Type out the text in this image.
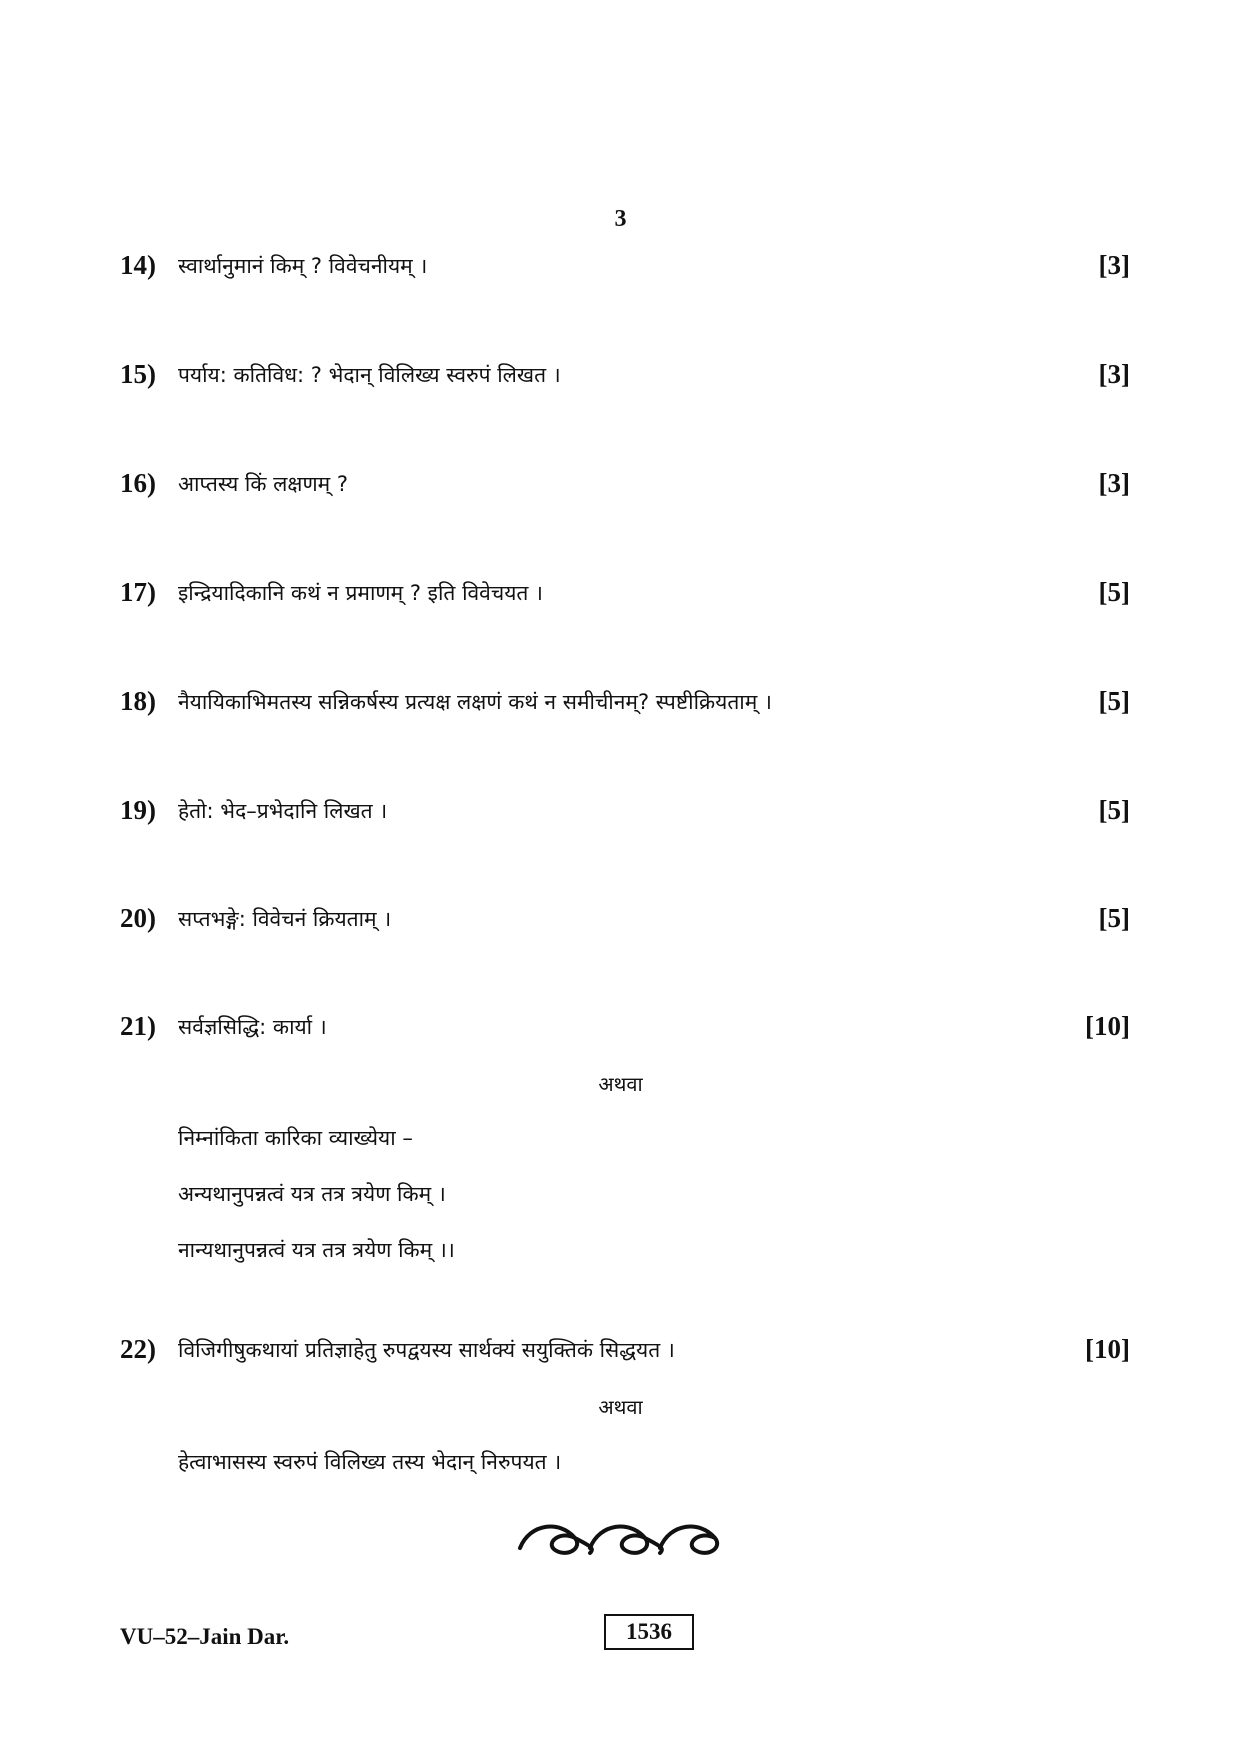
3
14) स्वार्थानुमानं किम् ? विवेचनीयम् ।	[3]
15) पर्याय: कतिविध: ? भेदान् विलिख्य स्वरुपं लिखत ।	[3]
16) आप्तस्य किं लक्षणम् ?	[3]
17) इन्द्रियादिकानि कथं न प्रमाणम् ? इति विवेचयत ।	[5]
18) नैयायिकाभिमतस्य सन्निकर्षस्य प्रत्यक्ष लक्षणं कथं न समीचीनम्? स्पष्टीक्रियताम् ।	[5]
19) हेतो: भेद–प्रभेदानि लिखत ।	[5]
20) सप्तभङ्गे: विवेचनं क्रियताम् ।	[5]
21) सर्वज्ञसिद्धि: कार्या ।	[10]
अथवा
निम्नांकिता कारिका व्याख्येया –
अन्यथानुपन्नत्वं यत्र तत्र त्रयेण किम् ।
नान्यथानुपन्नत्वं यत्र तत्र त्रयेण किम् ।।
22) विजिगीषुकथायां प्रतिज्ञाहेतु रुपद्वयस्य सार्थक्यं सयुक्तिकं सिद्धयत ।	[10]
अथवा
हेत्वाभासस्य स्वरुपं विलिख्य तस्य भेदान् निरुपयत ।
VU–52–Jain Dar.	1536
